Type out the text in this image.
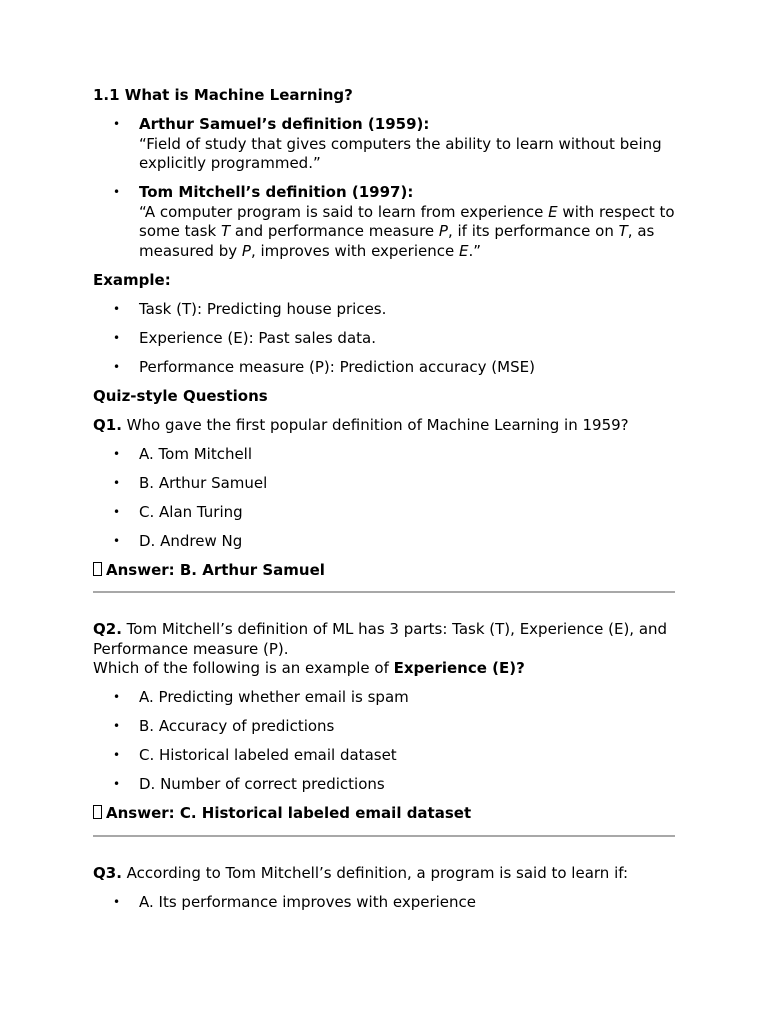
1.1 What is Machine Learning?

• Arthur Samuel’s definition (1959):
“Field of study that gives computers the ability to learn without being explicitly programmed.”
• Tom Mitchell’s definition (1997):
“A computer program is said to learn from experience E with respect to some task T and performance measure P, if its performance on T, as measured by P, improves with experience E.”

Example:

• Task (T): Predicting house prices.
• Experience (E): Past sales data.
• Performance measure (P): Prediction accuracy (MSE)

Quiz-style Questions

Q1. Who gave the first popular definition of Machine Learning in 1959?

• A. Tom Mitchell
• B. Arthur Samuel
• C. Alan Turing
• D. Andrew Ng

Answer: B. Arthur Samuel

Q2. Tom Mitchell’s definition of ML has 3 parts: Task (T), Experience (E), and Performance measure (P).
Which of the following is an example of Experience (E)?

• A. Predicting whether email is spam
• B. Accuracy of predictions
• C. Historical labeled email dataset
• D. Number of correct predictions

Answer: C. Historical labeled email dataset

Q3. According to Tom Mitchell’s definition, a program is said to learn if:

• A. Its performance improves with experience
